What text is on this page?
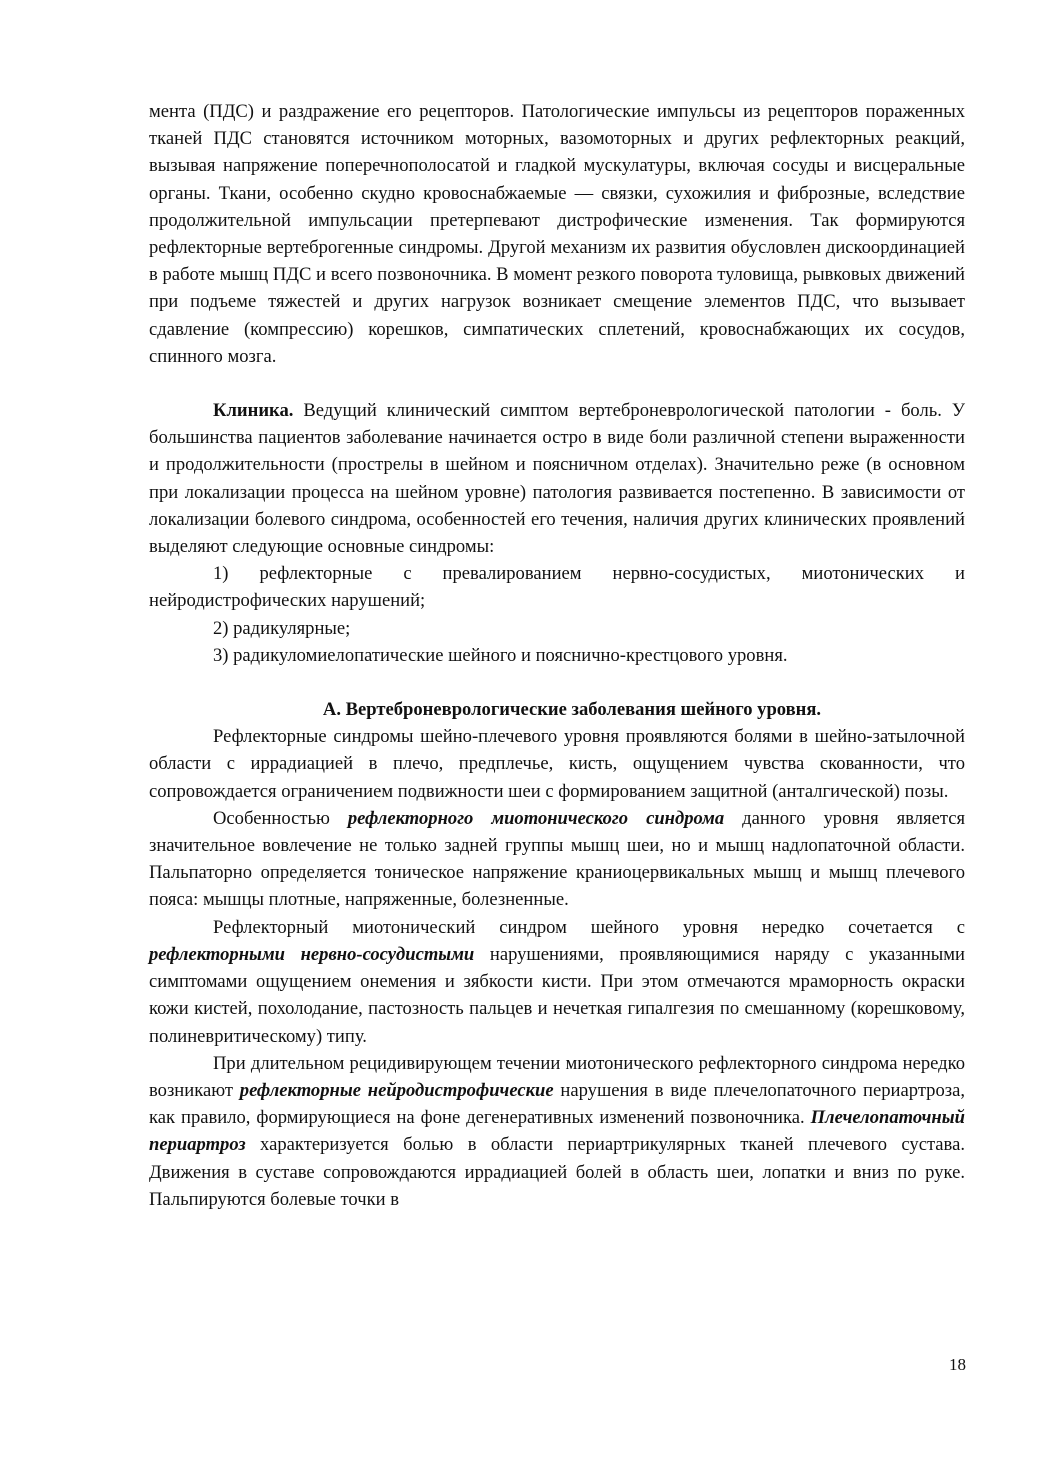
мента (ПДС) и раздражение его рецепторов. Патологические импульсы из рецепторов пораженных тканей ПДС становятся источником моторных, вазомоторных и других рефлекторных реакций, вызывая напряжение поперечнополосатой и гладкой мускулатуры, включая сосуды и висцеральные органы. Ткани, особенно скудно кровоснабжаемые — связки, сухожилия и фиброзные, вследствие продолжительной импульсации претерпевают дистрофические изменения. Так формируются рефлекторные вертеброгенные синдромы. Другой механизм их развития обусловлен дискоординацией в работе мышц ПДС и всего позвоночника. В момент резкого поворота туловища, рывковых движений при подъеме тяжестей и других нагрузок возникает смещение элементов ПДС, что вызывает сдавление (компрессию) корешков, симпатических сплетений, кровоснабжающих их сосудов, спинного мозга.

Клиника. Ведущий клинический симптом вертеброневрологической патологии - боль. У большинства пациентов заболевание начинается остро в виде боли различной степени выраженности и продолжительности (прострелы в шейном и поясничном отделах). Значительно реже (в основном при локализации процесса на шейном уровне) патология развивается постепенно. В зависимости от локализации болевого синдрома, особенностей его течения, наличия других клинических проявлений выделяют следующие основные синдромы:

1) рефлекторные с превалированием нервно-сосудистых, миотонических и нейродистрофических нарушений;

2) радикулярные;

3) радикуломиелопатические шейного и пояснично-крестцового уровня.

А. Вертеброневрологические заболевания шейного уровня.

Рефлекторные синдромы шейно-плечевого уровня проявляются болями в шейно-затылочной области с иррадиацией в плечо, предплечье, кисть, ощущением чувства скованности, что сопровождается ограничением подвижности шеи с формированием защитной (анталгической) позы.

Особенностью рефлекторного миотонического синдрома данного уровня является значительное вовлечение не только задней группы мышц шеи, но и мышц надлопаточной области. Пальпаторно определяется тоническое напряжение краниоцервикальных мышц и мышц плечевого пояса: мышцы плотные, напряженные, болезненные.

Рефлекторный миотонический синдром шейного уровня нередко сочетается с рефлекторными нервно-сосудистыми нарушениями, проявляющимися наряду с указанными симптомами ощущением онемения и зябкости кисти. При этом отмечаются мраморность окраски кожи кистей, похолодание, пастозность пальцев и нечеткая гипалгезия по смешанному (корешковому, полиневритическому) типу.

При длительном рецидивирующем течении миотонического рефлекторного синдрома нередко возникают рефлекторные нейродистрофические нарушения в виде плечелопаточного периартроза, как правило, формирующиеся на фоне дегенеративных изменений позвоночника. Плечелопаточный периартроз характеризуется болью в области периартрикулярных тканей плечевого сустава. Движения в суставе сопровождаются иррадиацией болей в область шеи, лопатки и вниз по руке. Пальпируются болевые точки в

18
